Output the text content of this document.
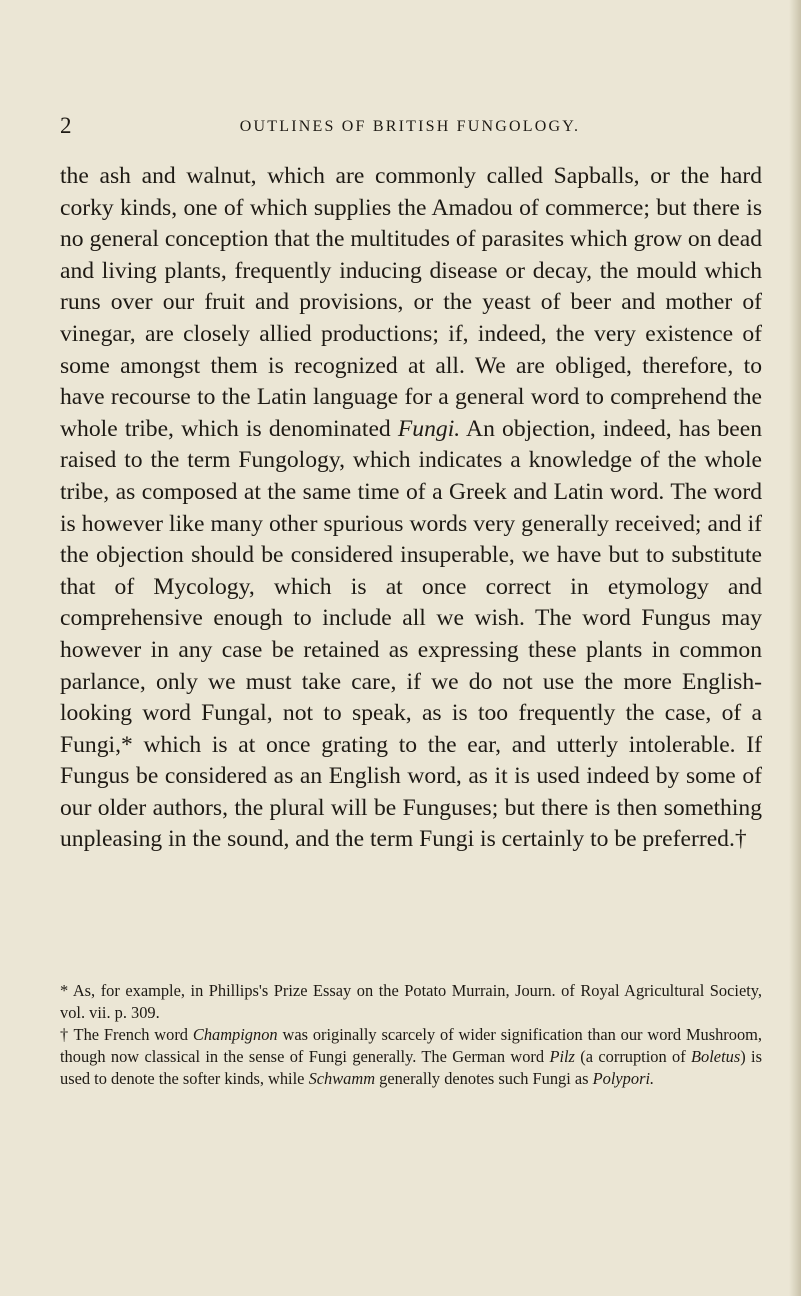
2	OUTLINES OF BRITISH FUNGOLOGY.

the ash and walnut, which are commonly called Sapballs, or the hard corky kinds, one of which supplies the Amadou of commerce; but there is no general conception that the multitudes of parasites which grow on dead and living plants, frequently inducing disease or decay, the mould which runs over our fruit and provisions, or the yeast of beer and mother of vinegar, are closely allied productions; if, indeed, the very existence of some amongst them is recognized at all. We are obliged, therefore, to have recourse to the Latin language for a general word to comprehend the whole tribe, which is denominated Fungi. An objection, indeed, has been raised to the term Fungology, which indicates a knowledge of the whole tribe, as composed at the same time of a Greek and Latin word. The word is however like many other spurious words very generally received; and if the objection should be considered insuperable, we have but to substitute that of Mycology, which is at once correct in etymology and comprehensive enough to include all we wish. The word Fungus may however in any case be retained as expressing these plants in common parlance, only we must take care, if we do not use the more English-looking word Fungal, not to speak, as is too frequently the case, of a Fungi,* which is at once grating to the ear, and utterly intolerable. If Fungus be considered as an English word, as it is used indeed by some of our older authors, the plural will be Funguses; but there is then something unpleasing in the sound, and the term Fungi is certainly to be preferred.†

* As, for example, in Phillips's Prize Essay on the Potato Murrain, Journ. of Royal Agricultural Society, vol. vii. p. 309.

† The French word Champignon was originally scarcely of wider signification than our word Mushroom, though now classical in the sense of Fungi generally. The German word Pilz (a corruption of Boletus) is used to denote the softer kinds, while Schwamm generally denotes such Fungi as Polypori.
